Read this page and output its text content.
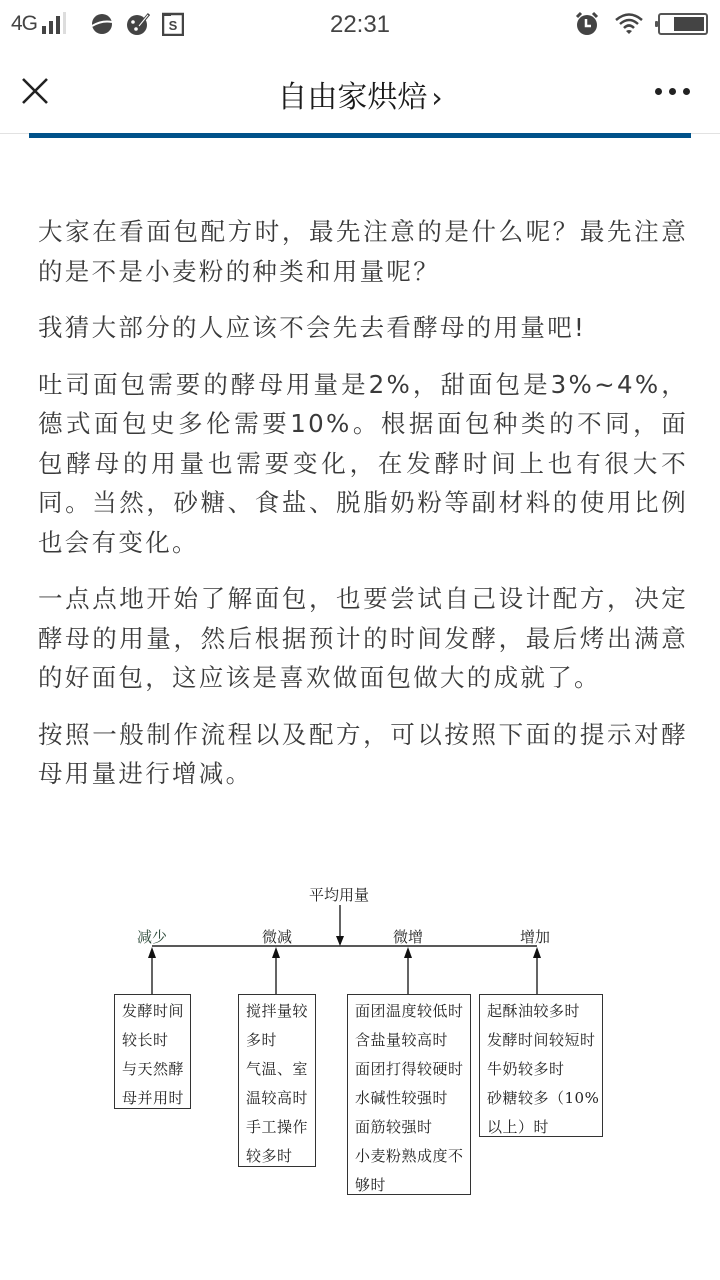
4G	S	22:31
自由家烘焙 ›

大家在看面包配方时，最先注意的是什么呢？最先注意的是不是小麦粉的种类和用量呢？

我猜大部分的人应该不会先去看酵母的用量吧!

吐司面包需要的酵母用量是2%，甜面包是3%~4%，德式面包史多伦需要10%。根据面包种类的不同，面包酵母的用量也需要变化，在发酵时间上也有很大不同。当然，砂糖、食盐、脱脂奶粉等副材料的使用比例也会有变化。

一点点地开始了解面包，也要尝试自己设计配方，决定酵母的用量，然后根据预计的时间发酵，最后烤出满意的好面包，这应该是喜欢做面包做大的成就了。

按照一般制作流程以及配方，可以按照下面的提示对酵母用量进行增减。

平均用量
减少	微减	微增	增加
发酵时间
较长时
与天然酵
母并用时
搅拌量较
多时
气温、室
温较高时
手工操作
较多时
面团温度较低时
含盐量较高时
面团打得较硬时
水碱性较强时
面筋较强时
小麦粉熟成度不
够时
起酥油较多时
发酵时间较短时
牛奶较多时
砂糖较多（10%
以上）时
